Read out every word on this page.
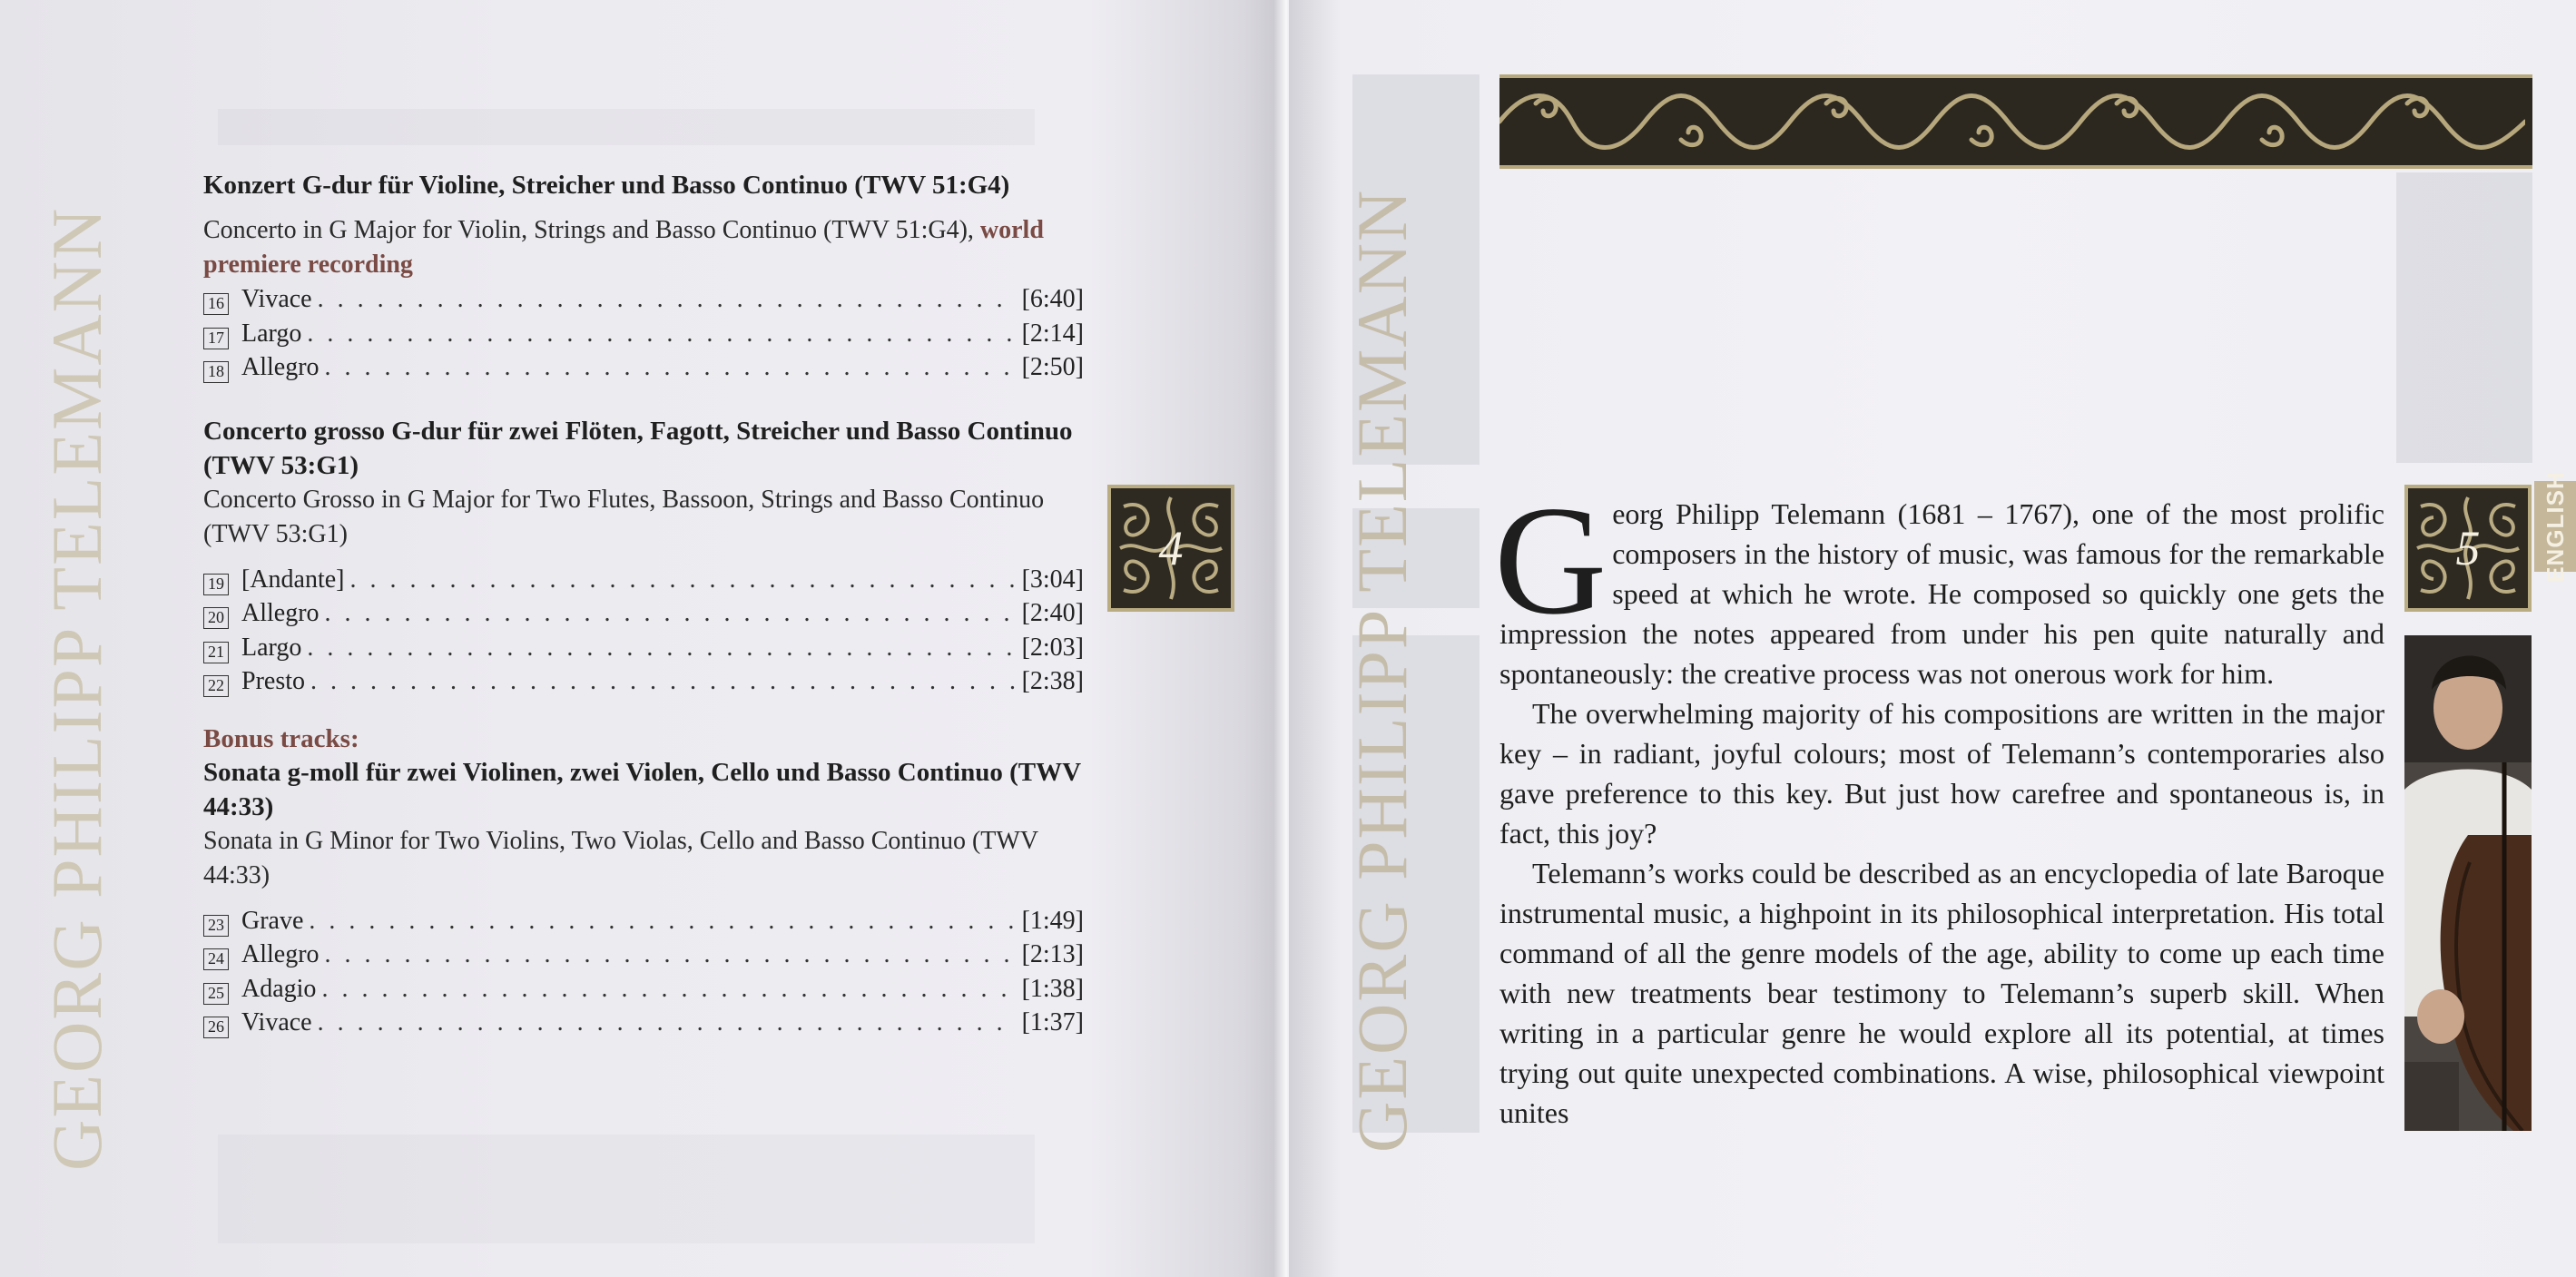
GEORG PHILIPP TELEMANN
Konzert G-dur für Violine, Streicher und Basso Continuo (TWV 51:G4)
Concerto in G Major for Violin, Strings and Basso Continuo (TWV 51:G4), world premiere recording
16 Vivace . . .	[6:40]
17 Largo . . .	[2:14]
18 Allegro . . .	[2:50]
Concerto grosso G-dur für zwei Flöten, Fagott, Streicher und Basso Continuo (TWV 53:G1)
Concerto Grosso in G Major for Two Flutes, Bassoon, Strings and Basso Continuo (TWV 53:G1)
19 [Andante] . . .	[3:04]
20 Allegro . . .	[2:40]
21 Largo . . .	[2:03]
22 Presto . . .	[2:38]
Bonus tracks:
Sonata g-moll für zwei Violinen, zwei Violen, Cello und Basso Continuo (TWV 44:33)
Sonata in G Minor for Two Violins, Two Violas, Cello and Basso Continuo (TWV 44:33)
23 Grave . . .	[1:49]
24 Allegro . . .	[2:13]
25 Adagio . . .	[1:38]
26 Vivace . . .	[1:37]
4 GEORG PHILIPP TELEMANN	5	ENGLISH

Georg Philipp Telemann (1681 – 1767), one of the most prolific composers in the history of music, was famous for the remarkable speed at which he wrote. He composed so quickly one gets the impression the notes appeared from under his pen quite naturally and spontaneously: the creative process was not onerous work for him.

The overwhelming majority of his compositions are written in the major key – in radiant, joyful colours; most of Telemann’s contemporaries also gave preference to this key. But just how carefree and spontaneous is, in fact, this joy?

Telemann’s works could be described as an encyclopedia of late Baroque instrumental music, a highpoint in its philosophical interpretation. His total command of all the genre models of the age, ability to come up each time with new treatments bear testimony to Telemann’s superb skill. When writing in a particular genre he would explore all its potential, at times trying out quite unexpected combinations. A wise, philosophical viewpoint unites
